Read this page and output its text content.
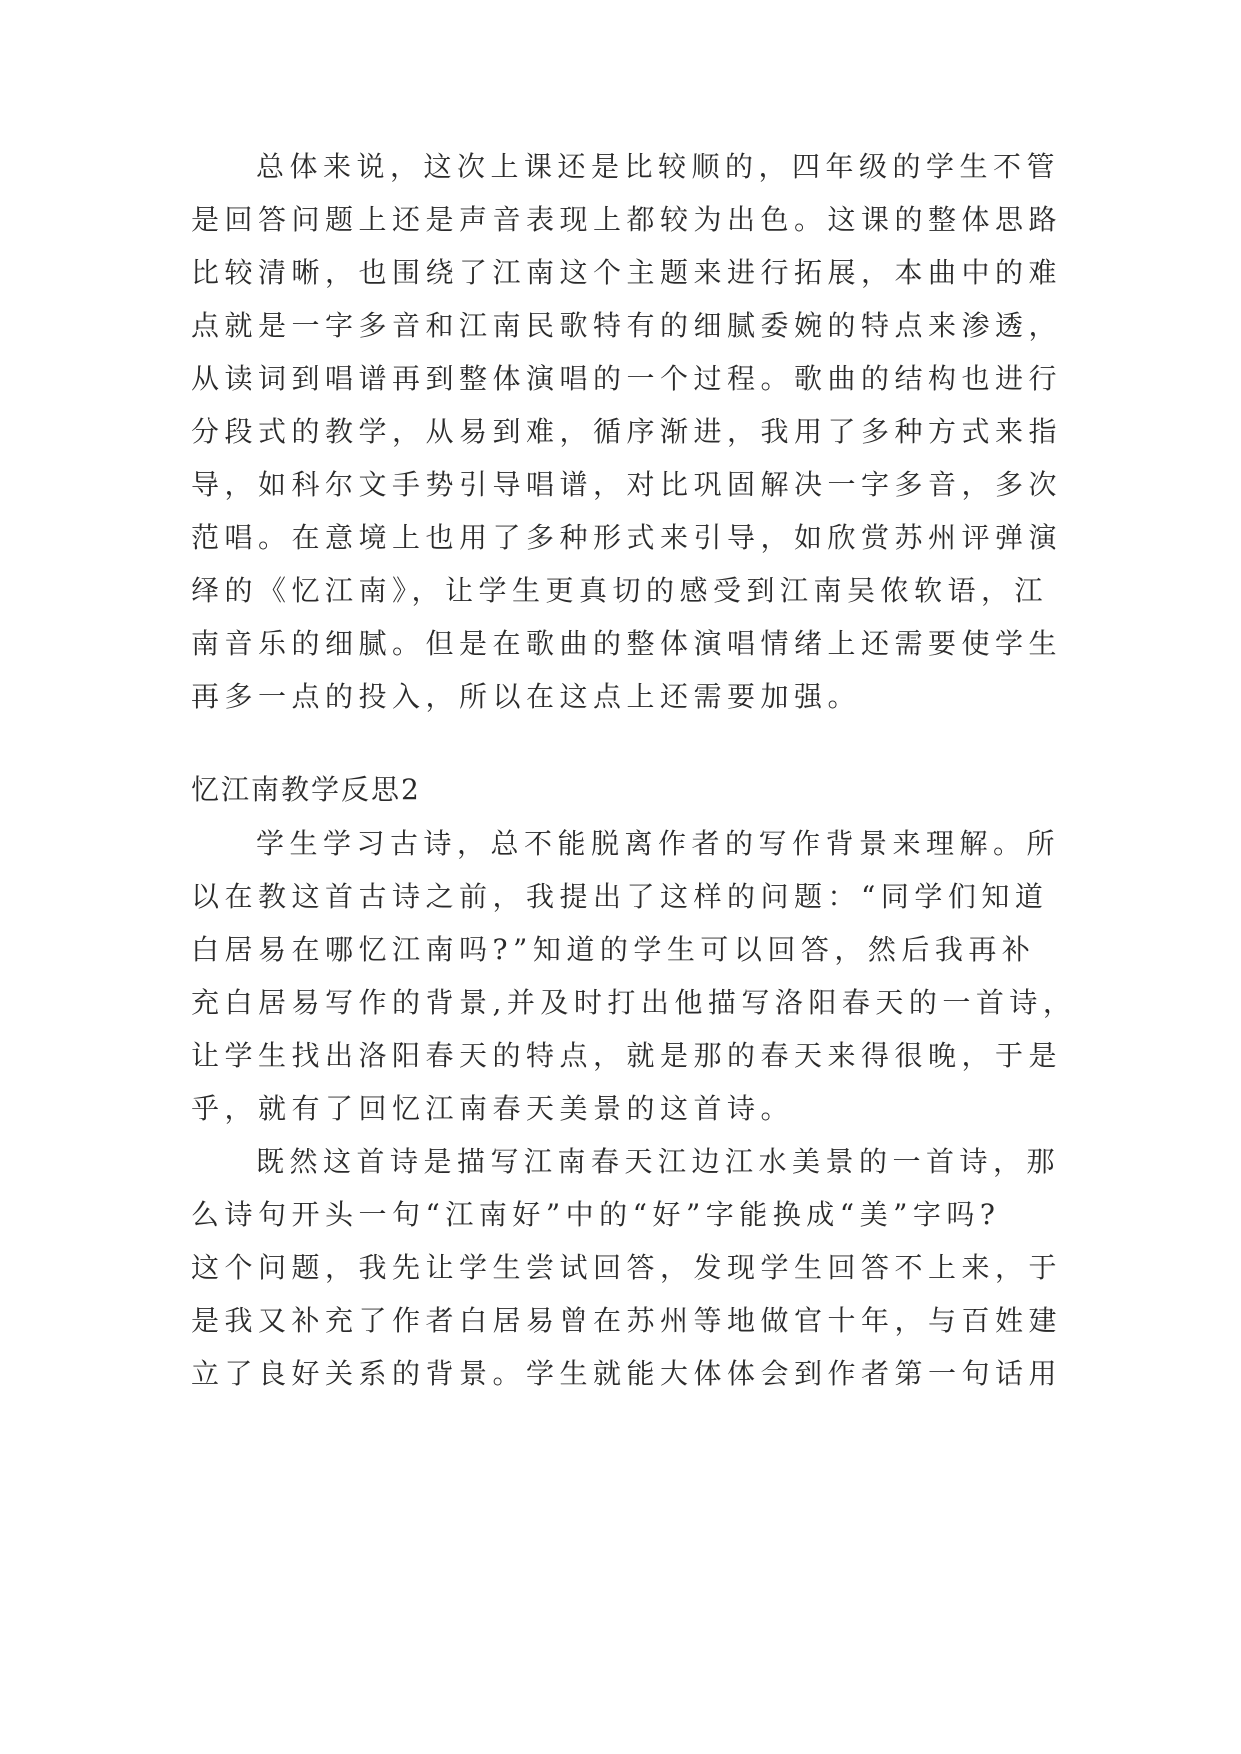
总体来说，这次上课还是比较顺的，四年级的学生不管
是回答问题上还是声音表现上都较为出色。这课的整体思路
比较清晰，也围绕了江南这个主题来进行拓展，本曲中的难
点就是一字多音和江南民歌特有的细腻委婉的特点来渗透，
从读词到唱谱再到整体演唱的一个过程。歌曲的结构也进行
分段式的教学，从易到难，循序渐进，我用了多种方式来指
导，如科尔文手势引导唱谱，对比巩固解决一字多音，多次
范唱。在意境上也用了多种形式来引导，如欣赏苏州评弹演
绎的《忆江南》，让学生更真切的感受到江南吴侬软语，江
南音乐的细腻。但是在歌曲的整体演唱情绪上还需要使学生
再多一点的投入，所以在这点上还需要加强。
忆江南教学反思2
学生学习古诗，总不能脱离作者的写作背景来理解。所
以在教这首古诗之前，我提出了这样的问题：“同学们知道
白居易在哪忆江南吗?”知道的学生可以回答，然后我再补
充白居易写作的背景,并及时打出他描写洛阳春天的一首诗，
让学生找出洛阳春天的特点，就是那的春天来得很晚，于是
乎，就有了回忆江南春天美景的这首诗。
既然这首诗是描写江南春天江边江水美景的一首诗，那
么诗句开头一句“江南好”中的“好”字能换成“美”字吗?
这个问题，我先让学生尝试回答，发现学生回答不上来，于
是我又补充了作者白居易曾在苏州等地做官十年，与百姓建
立了良好关系的背景。学生就能大体体会到作者第一句话用
